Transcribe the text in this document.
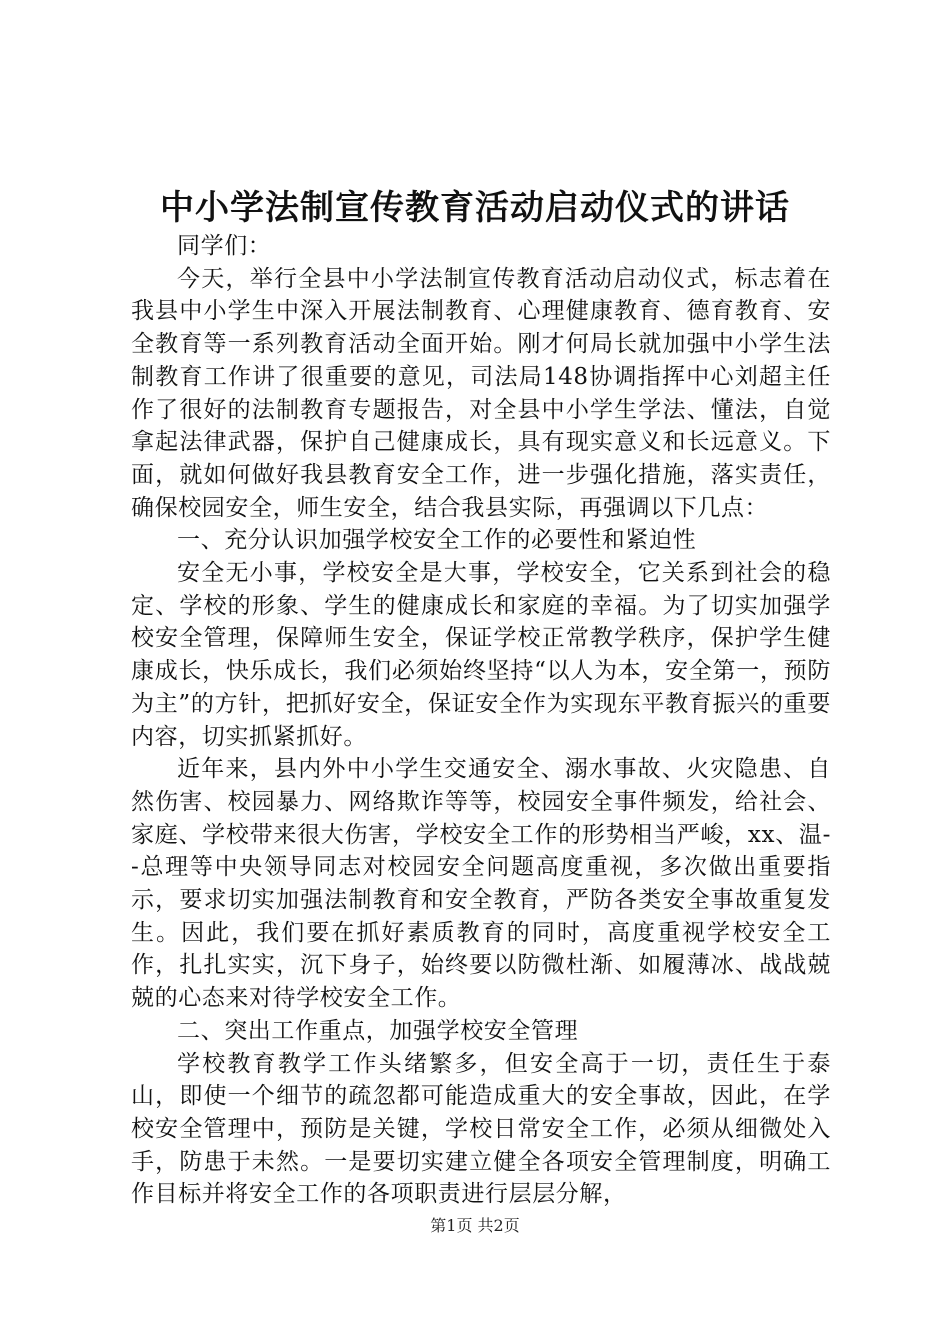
中小学法制宣传教育活动启动仪式的讲话

同学们：

今天，举行全县中小学法制宣传教育活动启动仪式，标志着在我县中小学生中深入开展法制教育、心理健康教育、德育教育、安全教育等一系列教育活动全面开始。刚才何局长就加强中小学生法制教育工作讲了很重要的意见，司法局148协调指挥中心刘超主任作了很好的法制教育专题报告，对全县中小学生学法、懂法，自觉拿起法律武器，保护自己健康成长，具有现实意义和长远意义。下面，就如何做好我县教育安全工作，进一步强化措施，落实责任，确保校园安全，师生安全，结合我县实际，再强调以下几点：

一、充分认识加强学校安全工作的必要性和紧迫性

安全无小事，学校安全是大事，学校安全，它关系到社会的稳定、学校的形象、学生的健康成长和家庭的幸福。为了切实加强学校安全管理，保障师生安全，保证学校正常教学秩序，保护学生健康成长，快乐成长，我们必须始终坚持“以人为本，安全第一，预防为主”的方针，把抓好安全，保证安全作为实现东平教育振兴的重要内容，切实抓紧抓好。

近年来，县内外中小学生交通安全、溺水事故、火灾隐患、自然伤害、校园暴力、网络欺诈等等，校园安全事件频发，给社会、家庭、学校带来很大伤害，学校安全工作的形势相当严峻，xx、温--总理等中央领导同志对校园安全问题高度重视，多次做出重要指示，要求切实加强法制教育和安全教育，严防各类安全事故重复发生。因此，我们要在抓好素质教育的同时，高度重视学校安全工作，扎扎实实，沉下身子，始终要以防微杜渐、如履薄冰、战战兢兢的心态来对待学校安全工作。

二、突出工作重点，加强学校安全管理

学校教育教学工作头绪繁多，但安全高于一切，责任生于泰山，即使一个细节的疏忽都可能造成重大的安全事故，因此，在学校安全管理中，预防是关键，学校日常安全工作，必须从细微处入手，防患于未然。一是要切实建立健全各项安全管理制度，明确工作目标并将安全工作的各项职责进行层层分解，

第1页 共2页
